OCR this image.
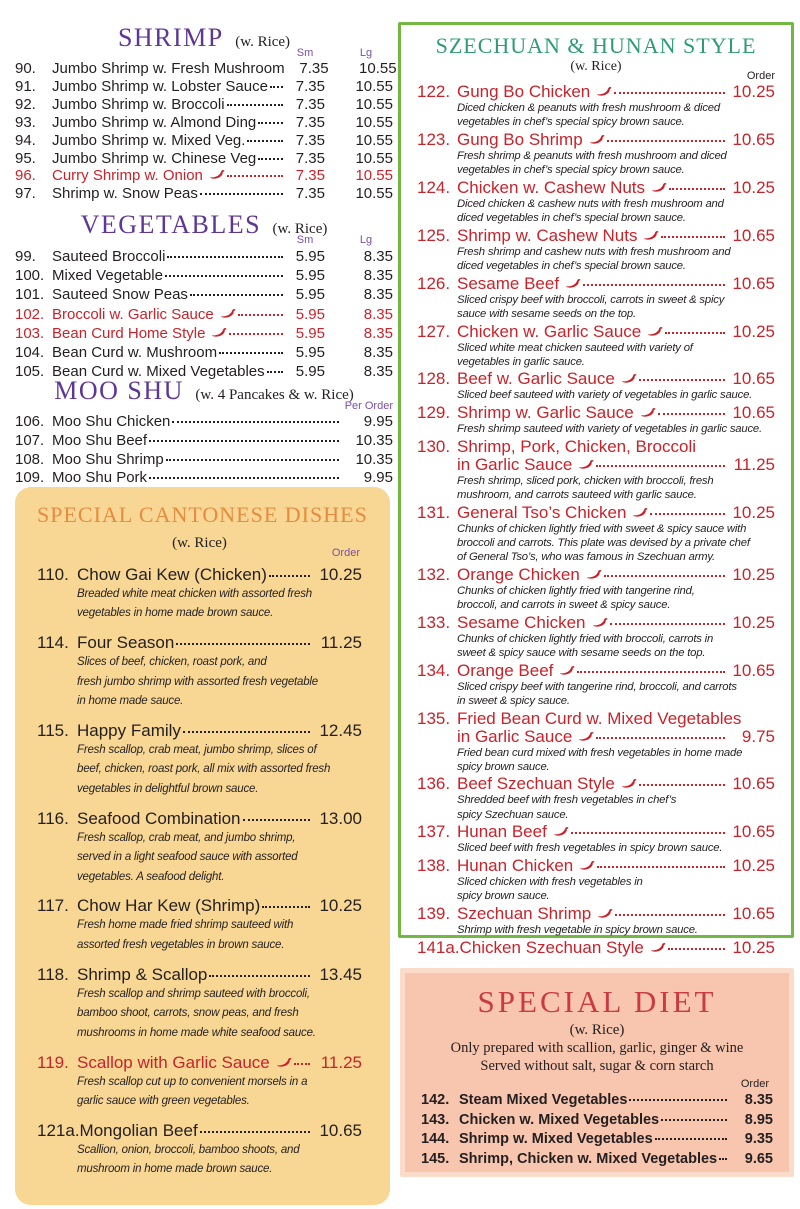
SHRIMP (w. Rice)
Sm	Lg
90.	Jumbo Shrimp w. Fresh Mushroom 7.35	10.55
91.	Jumbo Shrimp w. Lobster Sauce	7.35	10.55
92.	Jumbo Shrimp w. Broccoli	7.35	10.55
93.	Jumbo Shrimp w. Almond Ding	7.35	10.55
94.	Jumbo Shrimp w. Mixed Veg.	7.35	10.55
95.	Jumbo Shrimp w. Chinese Veg	7.35	10.55
96.	Curry Shrimp w. Onion	7.35	10.55
97.	Shrimp w. Snow Peas	7.35	10.55
VEGETABLES (w. Rice)
Sm	Lg
99.	Sauteed Broccoli	5.95	8.35
100. Mixed Vegetable	5.95	8.35
101. Sauteed Snow Peas	5.95	8.35
102. Broccoli w. Garlic Sauce	5.95	8.35
103. Bean Curd Home Style	5.95	8.35
104. Bean Curd w. Mushroom	5.95	8.35
105. Bean Curd w. Mixed Vegetables	5.95	8.35
MOO SHU (w. 4 Pancakes & w. Rice)
Per Order
106. Moo Shu Chicken	9.95
107. Moo Shu Beef	10.35
108. Moo Shu Shrimp	10.35
109. Moo Shu Pork	9.95
SPECIAL CANTONESE DISHES
(w. Rice)
Order
110. Chow Gai Kew (Chicken)	10.25
Breaded white meat chicken with assorted fresh
vegetables in home made brown sauce.
114. Four Season	11.25
Slices of beef, chicken, roast pork, and
fresh jumbo shrimp with assorted fresh vegetable
in home made sauce.
115. Happy Family	12.45
Fresh scallop, crab meat, jumbo shrimp, slices of
beef, chicken, roast pork, all mix with assorted fresh
vegetables in delightful brown sauce.
116. Seafood Combination	13.00
Fresh scallop, crab meat, and jumbo shrimp,
served in a light seafood sauce with assorted
vegetables. A seafood delight.
117. Chow Har Kew (Shrimp)	10.25
Fresh home made fried shrimp sauteed with
assorted fresh vegetables in brown sauce.
118. Shrimp & Scallop	13.45
Fresh scallop and shrimp sauteed with broccoli,
bamboo shoot, carrots, snow peas, and fresh
mushrooms in home made white seafood sauce.
119. Scallop with Garlic Sauce	11.25
Fresh scallop cut up to convenient morsels in a
garlic sauce with green vegetables.
121a. Mongolian Beef	10.65
Scallion, onion, broccoli, bamboo shoots, and
mushroom in home made brown sauce.
SZECHUAN & HUNAN STYLE
(w. Rice)
Order
122. Gung Bo Chicken	10.25
Diced chicken & peanuts with fresh mushroom & diced
vegetables in chef’s special spicy brown sauce.
123. Gung Bo Shrimp	10.65
Fresh shrimp & peanuts with fresh mushroom and diced
vegetables in chef’s special spicy brown sauce.
124. Chicken w. Cashew Nuts	10.25
Diced chicken & cashew nuts with fresh mushroom and
diced vegetables in chef’s special brown sauce.
125. Shrimp w. Cashew Nuts	10.65
Fresh shrimp and cashew nuts with fresh mushroom and
diced vegetables in chef’s special brown sauce.
126. Sesame Beef	10.65
Sliced crispy beef with broccoli, carrots in sweet & spicy
sauce with sesame seeds on the top.
127. Chicken w. Garlic Sauce	10.25
Sliced white meat chicken sauteed with variety of
vegetables in garlic sauce.
128. Beef w. Garlic Sauce	10.65
Sliced beef sauteed with variety of vegetables in garlic sauce.
129. Shrimp w. Garlic Sauce	10.65
Fresh shrimp sauteed with variety of vegetables in garlic sauce.
130. Shrimp, Pork, Chicken, Broccoli
in Garlic Sauce	11.25
Fresh shrimp, sliced pork, chicken with broccoli, fresh
mushroom, and carrots sauteed with garlic sauce.
131. General Tso’s Chicken	10.25
Chunks of chicken lightly fried with sweet & spicy sauce with
broccoli and carrots. This plate was devised by a private chef
of General Tso’s, who was famous in Szechuan army.
132. Orange Chicken	10.25
Chunks of chicken lightly fried with tangerine rind,
broccoli, and carrots in sweet & spicy sauce.
133. Sesame Chicken	10.25
Chunks of chicken lightly fried with broccoli, carrots in
sweet & spicy sauce with sesame seeds on the top.
134. Orange Beef	10.65
Sliced crispy beef with tangerine rind, broccoli, and carrots
in sweet & spicy sauce.
135. Fried Bean Curd w. Mixed Vegetables
in Garlic Sauce	9.75
Fried bean curd mixed with fresh vegetables in home made
spicy brown sauce.
136. Beef Szechuan Style	10.65
Shredded beef with fresh vegetables in chef’s
spicy Szechuan sauce.
137. Hunan Beef	10.65
Sliced beef with fresh vegetables in spicy brown sauce.
138. Hunan Chicken	10.25
Sliced chicken with fresh vegetables in
spicy brown sauce.
139. Szechuan Shrimp	10.65
Shrimp with fresh vegetable in spicy brown sauce.
141a. Chicken Szechuan Style	10.25
SPECIAL DIET
(w. Rice)
Only prepared with scallion, garlic, ginger & wine
Served without salt, sugar & corn starch
Order
142. Steam Mixed Vegetables	8.35
143. Chicken w. Mixed Vegetables	8.95
144. Shrimp w. Mixed Vegetables	9.35
145. Shrimp, Chicken w. Mixed Vegetables	9.65
